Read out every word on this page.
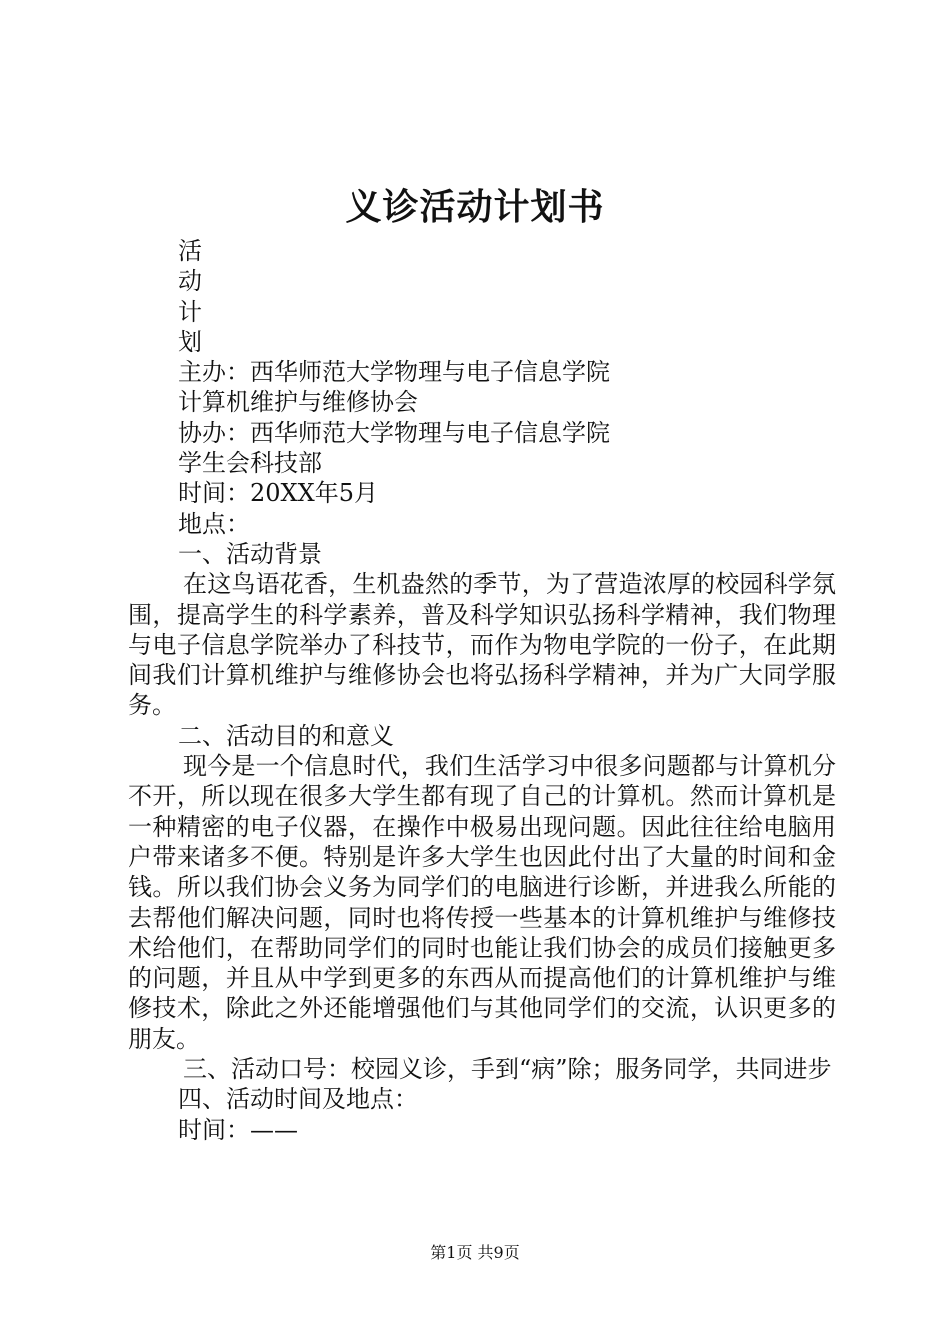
义诊活动计划书
活
动
计
划
主办：西华师范大学物理与电子信息学院
计算机维护与维修协会
协办：西华师范大学物理与电子信息学院
学生会科技部
时间：20XX年5月
地点：
一、活动背景
在这鸟语花香，生机盎然的季节，为了营造浓厚的校园科学氛围，提高学生的科学素养，普及科学知识弘扬科学精神，我们物理与电子信息学院举办了科技节，而作为物电学院的一份子，在此期间我们计算机维护与维修协会也将弘扬科学精神，并为广大同学服务。
二、活动目的和意义
现今是一个信息时代，我们生活学习中很多问题都与计算机分不开，所以现在很多大学生都有现了自己的计算机。然而计算机是一种精密的电子仪器，在操作中极易出现问题。因此往往给电脑用户带来诸多不便。特别是许多大学生也因此付出了大量的时间和金钱。所以我们协会义务为同学们的电脑进行诊断，并进我么所能的去帮他们解决问题，同时也将传授一些基本的计算机维护与维修技术给他们，在帮助同学们的同时也能让我们协会的成员们接触更多的问题，并且从中学到更多的东西从而提高他们的计算机维护与维修技术，除此之外还能增强他们与其他同学们的交流，认识更多的朋友。
三、活动口号：校园义诊，手到“病”除；服务同学，共同进步
四、活动时间及地点：
时间：——
第1页 共9页
